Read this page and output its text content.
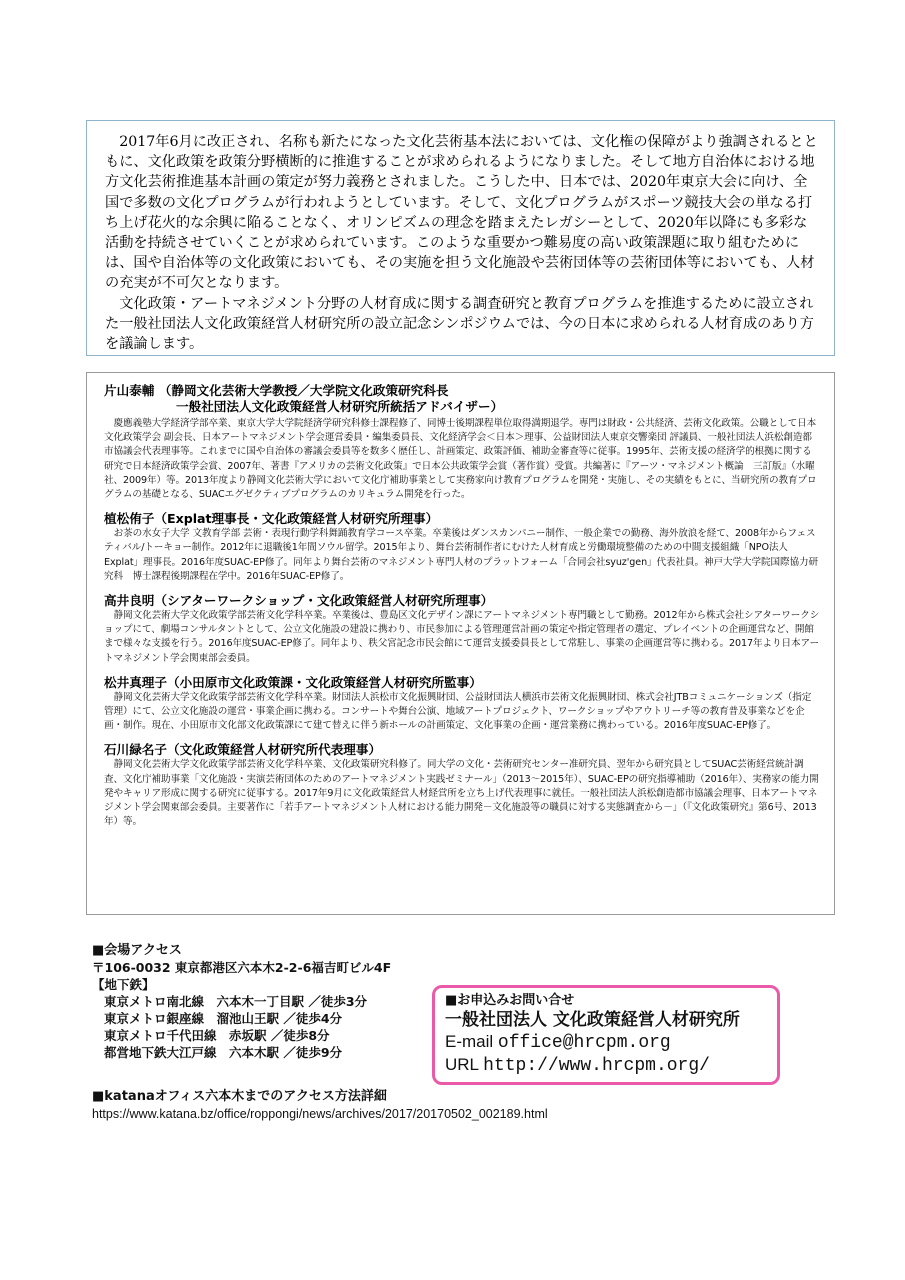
2017年6月に改正され、名称も新たになった文化芸術基本法においては、文化権の保障がより強調されるとともに、文化政策を政策分野横断的に推進することが求められるようになりました。そして地方自治体における地方文化芸術推進基本計画の策定が努力義務とされました。こうした中、日本では、2020年東京大会に向け、全国で多数の文化プログラムが行われようとしています。そして、文化プログラムがスポーツ競技大会の単なる打ち上げ花火的な余興に陥ることなく、オリンピズムの理念を踏まえたレガシーとして、2020年以降にも多彩な活動を持続させていくことが求められています。このような重要かつ難易度の高い政策課題に取り組むためには、国や自治体等の文化政策においても、その実施を担う文化施設や芸術団体等の芸術団体等においても、人材の充実が不可欠となります。

文化政策・アートマネジメント分野の人材育成に関する調査研究と教育プログラムを推進するために設立された一般社団法人文化政策経営人材研究所の設立記念シンポジウムでは、今の日本に求められる人材育成のあり方を議論します。

片山泰輔 （静岡文化芸術大学教授／大学院文化政策研究科長

一般社団法人文化政策経営人材研究所統括アドバイザー）

慶應義塾大学経済学部卒業、東京大学大学院経済学研究科修士課程修了、同博士後期課程単位取得満期退学。専門は財政・公共経済、芸術文化政策。公職として日本文化政策学会 副会長、日本アートマネジメント学会運営委員・編集委員長、文化経済学会＜日本＞理事、公益財団法人東京交響楽団 評議員、一般社団法人浜松創造都市協議会代表理事等。これまでに国や自治体の審議会委員等を数多く歴任し、計画策定、政策評価、補助金審査等に従事。1995年、芸術支援の経済学的根拠に関する研究で日本経済政策学会賞、2007年、著書『アメリカの芸術文化政策』で日本公共政策学会賞（著作賞）受賞。共編著に『アーツ・マネジメント概論　三訂版』（水曜社、2009年）等。2013年度より静岡文化芸術大学において文化庁補助事業として実務家向け教育プログラムを開発・実施し、その実績をもとに、当研究所の教育プログラムの基礎となる、SUACエグゼクティブプログラムのカリキュラム開発を行った。

植松侑子（Explat理事長・文化政策経営人材研究所理事）

お茶の水女子大学 文教育学部 芸術・表現行動学科舞踊教育学コース卒業。卒業後はダンスカンパニー制作、一般企業での勤務、海外放浪を経て、2008年からフェスティバル/トーキョー制作。2012年に退職後1年間ソウル留学。2015年より、舞台芸術制作者にむけた人材育成と労働環境整備のための中間支援組織「NPO法人Explat」理事長。2016年度SUAC-EP修了。同年より舞台芸術のマネジメント専門人材のプラットフォーム「合同会社syuz'gen」代表社員。神戸大学大学院国際協力研究科　博士課程後期課程在学中。2016年SUAC-EP修了。

高井良明（シアターワークショップ・文化政策経営人材研究所理事）

静岡文化芸術大学文化政策学部芸術文化学科卒業。卒業後は、豊島区文化デザイン課にアートマネジメント専門職として勤務。2012年から株式会社シアターワークショップにて、劇場コンサルタントとして、公立文化施設の建設に携わり、市民参加による管理運営計画の策定や指定管理者の選定、プレイベントの企画運営など、開館まで様々な支援を行う。2016年度SUAC-EP修了。同年より、秩父宮記念市民会館にて運営支援委員長として常駐し、事業の企画運営等に携わる。2017年より日本アートマネジメント学会関東部会委員。

松井真理子（小田原市文化政策課・文化政策経営人材研究所監事）

静岡文化芸術大学文化政策学部芸術文化学科卒業。財団法人浜松市文化振興財団、公益財団法人横浜市芸術文化振興財団、株式会社JTBコミュニケーションズ（指定管理）にて、公立文化施設の運営・事業企画に携わる。コンサートや舞台公演、地域アートプロジェクト、ワークショップやアウトリーチ等の教育普及事業などを企画・制作。現在、小田原市文化部文化政策課にて建て替えに伴う新ホールの計画策定、文化事業の企画・運営業務に携わっている。2016年度SUAC-EP修了。

石川緑名子（文化政策経営人材研究所代表理事）

静岡文化芸術大学文化政策学部芸術文化学科卒業、文化政策研究科修了。同大学の文化・芸術研究センター准研究員、翌年から研究員としてSUAC芸術経営統計調査、文化庁補助事業「文化施設・実演芸術団体のためのアートマネジメント実践ゼミナール」（2013～2015年）、SUAC-EPの研究指導補助（2016年）、実務家の能力開発やキャリア形成に関する研究に従事する。2017年9月に文化政策経営人材経営所を立ち上げ代表理事に就任。一般社団法人浜松創造都市協議会理事、日本アートマネジメント学会関東部会委員。主要著作に「若手アートマネジメント人材における能力開発－文化施設等の職員に対する実態調査から－」（『文化政策研究』第6号、2013年）等。

■会場アクセス

〒106-0032 東京都港区六本木2-2-6福吉町ビル4F

【地下鉄】

東京メトロ南北線　六本木一丁目駅 ／徒歩3分

東京メトロ銀座線　溜池山王駅 ／徒歩4分

東京メトロ千代田線　赤坂駅 ／徒歩8分

都営地下鉄大江戸線　六本木駅 ／徒歩9分

■お申込みお問い合せ

一般社団法人 文化政策経営人材研究所

E-mail office@hrcpm.org

URL http://www.hrcpm.org/

■katanaオフィス六本木までのアクセス方法詳細

https://www.katana.bz/office/roppongi/news/archives/2017/20170502_002189.html
